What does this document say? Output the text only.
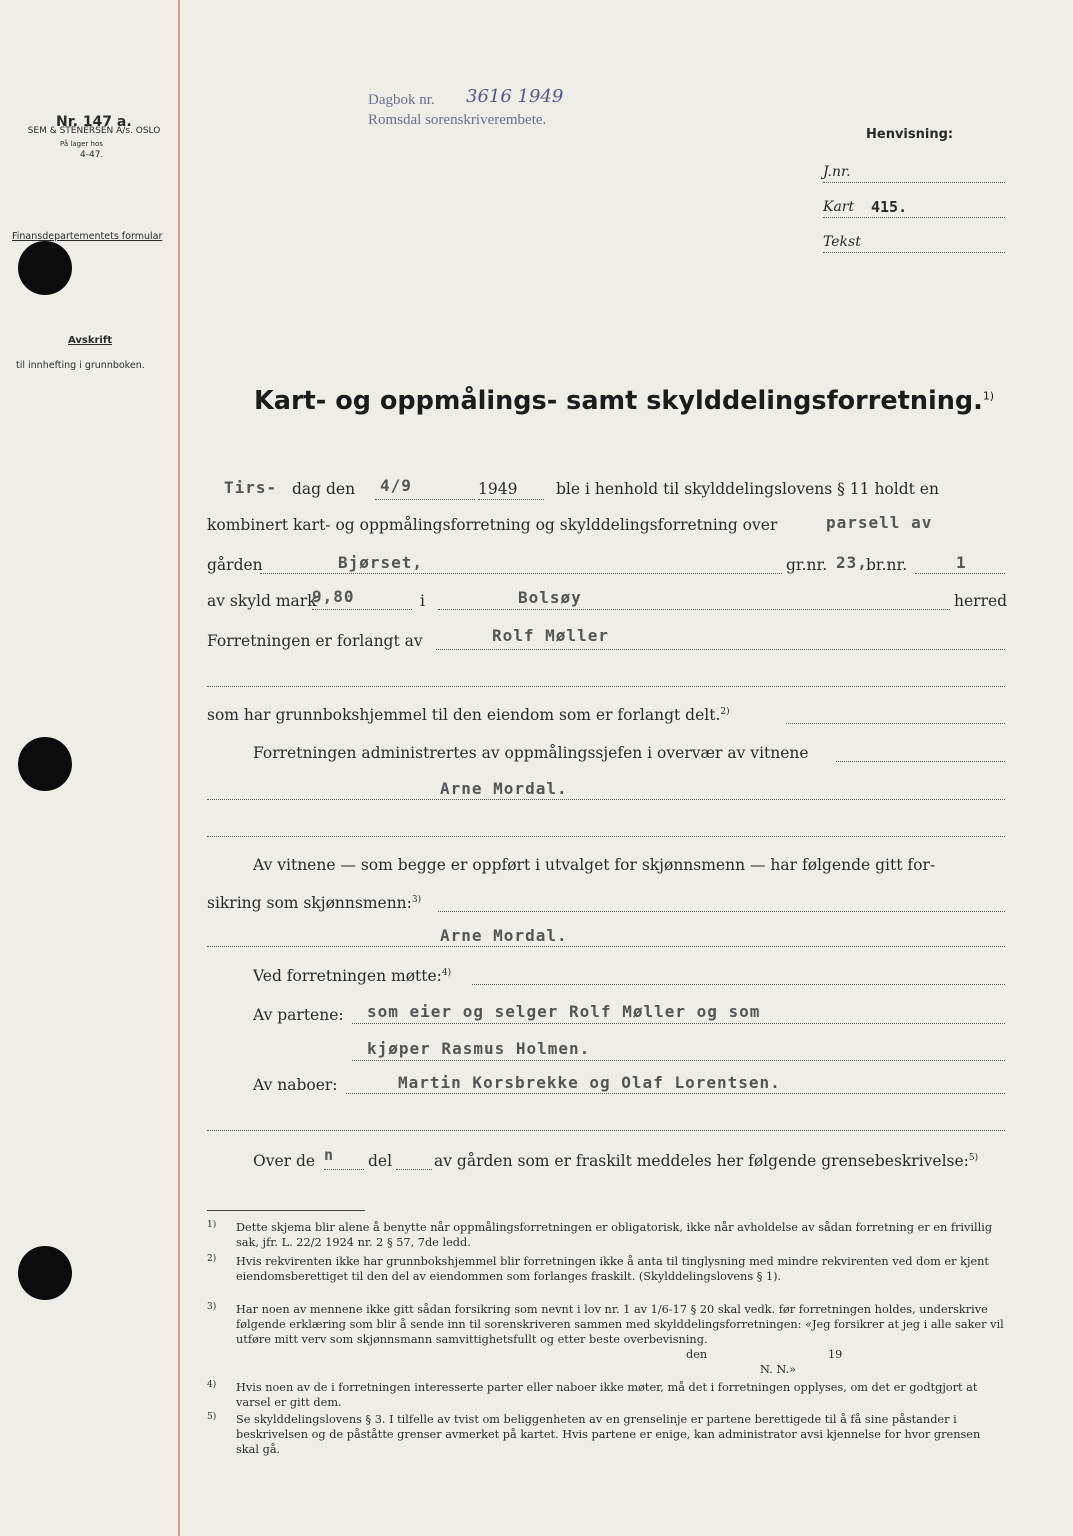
Nr. 147 a.
På lager hos
SEM & STENERSEN A/s. OSLO
4-47.
Finansdepartementets formular
Avskrift
til innhefting i grunnboken.
Dagbok nr. 3616 1949
Romsdal sorenskriverembete.
Henvisning:
J.nr.
Kart 415.
Tekst
Kart- og oppmålings- samt skylddelingsforretning.$^{1)}$
Tirs- dag den 4/9	1949 ble i henhold til skylddelingslovens § 11 holdt en
kombinert kart- og oppmålingsforretning og skylddelingsforretning over	parsell av
gården	Bjørset,	gr.nr. 23,
br.nr.	1
av skyld mark
9,80	i	Bolsøy	herred
Forretningen er forlangt av	Rolf Møller
som har grunnbokshjemmel til den eiendom som er forlangt delt.$^{2)}$
Forretningen administrertes av oppmålingssjefen i overvær av vitnene
Arne Mordal.
Av vitnene — som begge er oppført i utvalget for skjønnsmenn — har følgende gitt for-
sikring som skjønnsmenn:$^{3)}$
Arne Mordal.
Ved forretningen møtte:$^{4)}$
Av partene: som eier og selger Rolf Møller og som
kjøper Rasmus Holmen.
Av naboer:	Martin Korsbrekke og Olaf Lorentsen.
Over de n del	av gården som er fraskilt meddeles her følgende grensebeskrivelse:$^{5)}$
1) Dette skjema blir alene å benytte når oppmålingsforretningen er obligatorisk, ikke når avholdelse av sådan forretning er en frivillig sak, jfr. L. 22/2 1924 nr. 2 § 57, 7de ledd.
2) Hvis rekvirenten ikke har grunnbokshjemmel blir forretningen ikke å anta til tinglysning med mindre rekvirenten ved dom er kjent eiendomsberettiget til den del av eiendommen som forlanges fraskilt. (Skylddelingslovens § 1).
3) Har noen av mennene ikke gitt sådan forsikring som nevnt i lov nr. 1 av 1/6-17 § 20 skal vedk. før forretningen holdes, underskrive følgende erklæring som blir å sende inn til sorenskriveren sammen med skylddelingsforretningen: «Jeg forsikrer at jeg i alle saker vil utføre mitt verv som skjønnsmann samvittighetsfullt og etter beste overbevisning.
den	19
N. N.»
4) Hvis noen av de i forretningen interesserte parter eller naboer ikke møter, må det i forretningen opplyses, om det er godtgjort at varsel er gitt dem.
5) Se skylddelingslovens § 3. I tilfelle av tvist om beliggenheten av en grenselinje er partene berettigede til å få sine påstander i beskrivelsen og de påståtte grenser avmerket på kartet. Hvis partene er enige, kan administrator avsi kjennelse for hvor grensen skal gå.
